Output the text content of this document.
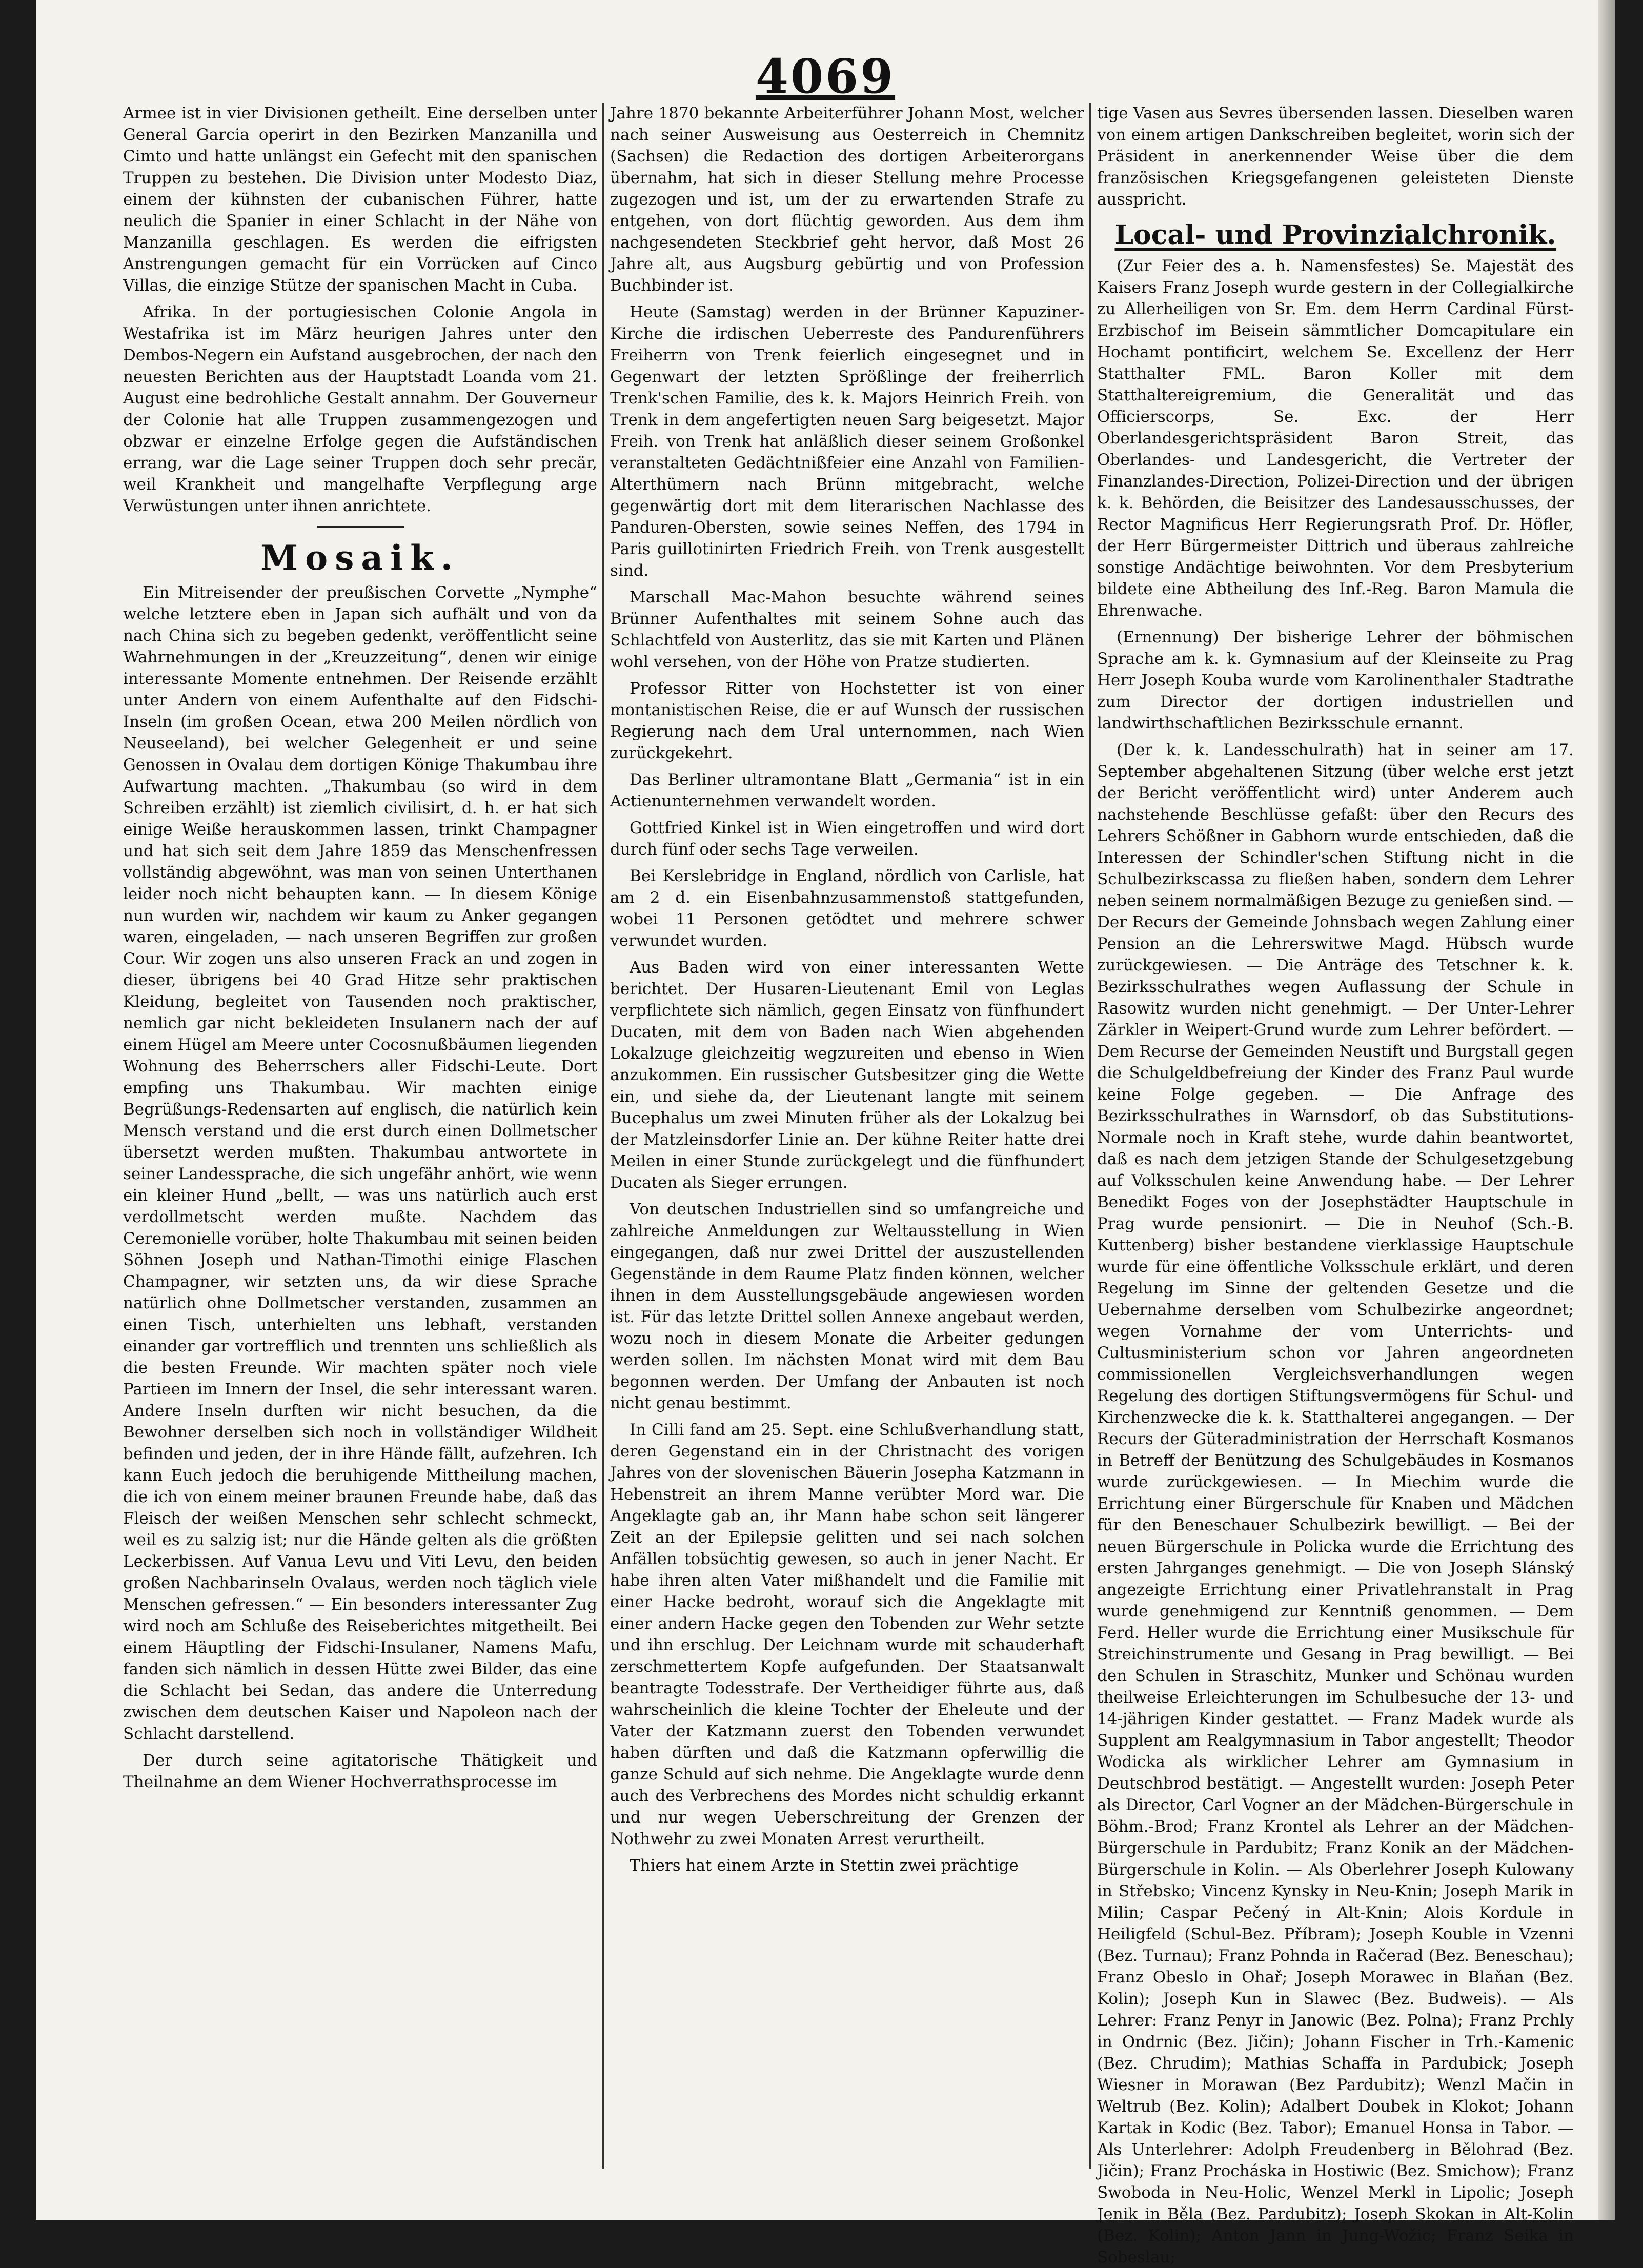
4069

Armee ist in vier Divisionen getheilt. Eine derselben unter General Garcia operirt in den Bezirken Manzanilla und Cimto und hatte unlängst ein Gefecht mit den spanischen Truppen zu bestehen. Die Division unter Modesto Diaz, einem der kühnsten der cubanischen Führer, hatte neulich die Spanier in einer Schlacht in der Nähe von Manzanilla geschlagen. Es werden die eifrigsten Anstrengungen gemacht für ein Vorrücken auf Cinco Villas, die einzige Stütze der spanischen Macht in Cuba.

Afrika. In der portugiesischen Colonie Angola in Westafrika ist im März heurigen Jahres unter den Dembos-Negern ein Aufstand ausgebrochen, der nach den neuesten Berichten aus der Hauptstadt Loanda vom 21. August eine bedrohliche Gestalt annahm. Der Gouverneur der Colonie hat alle Truppen zusammengezogen und obzwar er einzelne Erfolge gegen die Aufständischen errang, war die Lage seiner Truppen doch sehr precär, weil Krankheit und mangelhafte Verpflegung arge Verwüstungen unter ihnen anrichtete.

Mosaik.

Ein Mitreisender der preußischen Corvette „Nymphe“ welche letztere eben in Japan sich aufhält und von da nach China sich zu begeben gedenkt, veröffentlicht seine Wahrnehmungen in der „Kreuzzeitung“, denen wir einige interessante Momente entnehmen. Der Reisende erzählt unter Andern von einem Aufenthalte auf den Fidschi-Inseln (im großen Ocean, etwa 200 Meilen nördlich von Neuseeland), bei welcher Gelegenheit er und seine Genossen in Ovalau dem dortigen Könige Thakumbau ihre Aufwartung machten. „Thakumbau (so wird in dem Schreiben erzählt) ist ziemlich civilisirt, d. h. er hat sich einige Weiße herauskommen lassen, trinkt Champagner und hat sich seit dem Jahre 1859 das Menschenfressen vollständig abgewöhnt, was man von seinen Unterthanen leider noch nicht behaupten kann. — In diesem Könige nun wurden wir, nachdem wir kaum zu Anker gegangen waren, eingeladen, — nach unseren Begriffen zur großen Cour. Wir zogen uns also unseren Frack an und zogen in dieser, übrigens bei 40 Grad Hitze sehr praktischen Kleidung, begleitet von Tausenden noch praktischer, nemlich gar nicht bekleideten Insulanern nach der auf einem Hügel am Meere unter Cocosnußbäumen liegenden Wohnung des Beherrschers aller Fidschi-Leute. Dort empfing uns Thakumbau. Wir machten einige Begrüßungs-Redensarten auf englisch, die natürlich kein Mensch verstand und die erst durch einen Dollmetscher übersetzt werden mußten. Thakumbau antwortete in seiner Landessprache, die sich ungefähr anhört, wie wenn ein kleiner Hund „bellt, — was uns natürlich auch erst verdollmetscht werden mußte. Nachdem das Ceremonielle vorüber, holte Thakumbau mit seinen beiden Söhnen Joseph und Nathan-Timothi einige Flaschen Champagner, wir setzten uns, da wir diese Sprache natürlich ohne Dollmetscher verstanden, zusammen an einen Tisch, unterhielten uns lebhaft, verstanden einander gar vortrefflich und trennten uns schließlich als die besten Freunde. Wir machten später noch viele Partieen im Innern der Insel, die sehr interessant waren. Andere Inseln durften wir nicht besuchen, da die Bewohner derselben sich noch in vollständiger Wildheit befinden und jeden, der in ihre Hände fällt, aufzehren. Ich kann Euch jedoch die beruhigende Mittheilung machen, die ich von einem meiner braunen Freunde habe, daß das Fleisch der weißen Menschen sehr schlecht schmeckt, weil es zu salzig ist; nur die Hände gelten als die größten Leckerbissen. Auf Vanua Levu und Viti Levu, den beiden großen Nachbarinseln Ovalaus, werden noch täglich viele Menschen gefressen.“ — Ein besonders interessanter Zug wird noch am Schluße des Reiseberichtes mitgetheilt. Bei einem Häuptling der Fidschi-Insulaner, Namens Mafu, fanden sich nämlich in dessen Hütte zwei Bilder, das eine die Schlacht bei Sedan, das andere die Unterredung zwischen dem deutschen Kaiser und Napoleon nach der Schlacht darstellend.

Der durch seine agitatorische Thätigkeit und Theilnahme an dem Wiener Hochverrathsprocesse im

Jahre 1870 bekannte Arbeiterführer Johann Most, welcher nach seiner Ausweisung aus Oesterreich in Chemnitz (Sachsen) die Redaction des dortigen Arbeiterorgans übernahm, hat sich in dieser Stellung mehre Processe zugezogen und ist, um der zu erwartenden Strafe zu entgehen, von dort flüchtig geworden. Aus dem ihm nachgesendeten Steckbrief geht hervor, daß Most 26 Jahre alt, aus Augsburg gebürtig und von Profession Buchbinder ist.

Heute (Samstag) werden in der Brünner Kapuziner-Kirche die irdischen Ueberreste des Pandurenführers Freiherrn von Trenk feierlich eingesegnet und in Gegenwart der letzten Sprößlinge der freiherrlich Trenk'schen Familie, des k. k. Majors Heinrich Freih. von Trenk in dem angefertigten neuen Sarg beigesetzt. Major Freih. von Trenk hat anläßlich dieser seinem Großonkel veranstalteten Gedächtnißfeier eine Anzahl von Familien-Alterthümern nach Brünn mitgebracht, welche gegenwärtig dort mit dem literarischen Nachlasse des Panduren-Obersten, sowie seines Neffen, des 1794 in Paris guillotinirten Friedrich Freih. von Trenk ausgestellt sind.

Marschall Mac-Mahon besuchte während seines Brünner Aufenthaltes mit seinem Sohne auch das Schlachtfeld von Austerlitz, das sie mit Karten und Plänen wohl versehen, von der Höhe von Pratze studierten.

Professor Ritter von Hochstetter ist von einer montanistischen Reise, die er auf Wunsch der russischen Regierung nach dem Ural unternommen, nach Wien zurückgekehrt.

Das Berliner ultramontane Blatt „Germania“ ist in ein Actienunternehmen verwandelt worden.

Gottfried Kinkel ist in Wien eingetroffen und wird dort durch fünf oder sechs Tage verweilen.

Bei Kerslebridge in England, nördlich von Carlisle, hat am 2 d. ein Eisenbahnzusammenstoß stattgefunden, wobei 11 Personen getödtet und mehrere schwer verwundet wurden.

Aus Baden wird von einer interessanten Wette berichtet. Der Husaren-Lieutenant Emil von Leglas verpflichtete sich nämlich, gegen Einsatz von fünfhundert Ducaten, mit dem von Baden nach Wien abgehenden Lokalzuge gleichzeitig wegzureiten und ebenso in Wien anzukommen. Ein russischer Gutsbesitzer ging die Wette ein, und siehe da, der Lieutenant langte mit seinem Bucephalus um zwei Minuten früher als der Lokalzug bei der Matzleinsdorfer Linie an. Der kühne Reiter hatte drei Meilen in einer Stunde zurückgelegt und die fünfhundert Ducaten als Sieger errungen.

Von deutschen Industriellen sind so umfangreiche und zahlreiche Anmeldungen zur Weltausstellung in Wien eingegangen, daß nur zwei Drittel der auszustellenden Gegenstände in dem Raume Platz finden können, welcher ihnen in dem Ausstellungsgebäude angewiesen worden ist. Für das letzte Drittel sollen Annexe angebaut werden, wozu noch in diesem Monate die Arbeiter gedungen werden sollen. Im nächsten Monat wird mit dem Bau begonnen werden. Der Umfang der Anbauten ist noch nicht genau bestimmt.

In Cilli fand am 25. Sept. eine Schlußverhandlung statt, deren Gegenstand ein in der Christnacht des vorigen Jahres von der slovenischen Bäuerin Josepha Katzmann in Hebenstreit an ihrem Manne verübter Mord war. Die Angeklagte gab an, ihr Mann habe schon seit längerer Zeit an der Epilepsie gelitten und sei nach solchen Anfällen tobsüchtig gewesen, so auch in jener Nacht. Er habe ihren alten Vater mißhandelt und die Familie mit einer Hacke bedroht, worauf sich die Angeklagte mit einer andern Hacke gegen den Tobenden zur Wehr setzte und ihn erschlug. Der Leichnam wurde mit schauderhaft zerschmettertem Kopfe aufgefunden. Der Staatsanwalt beantragte Todesstrafe. Der Vertheidiger führte aus, daß wahrscheinlich die kleine Tochter der Eheleute und der Vater der Katzmann zuerst den Tobenden verwundet haben dürften und daß die Katzmann opferwillig die ganze Schuld auf sich nehme. Die Angeklagte wurde denn auch des Verbrechens des Mordes nicht schuldig erkannt und nur wegen Ueberschreitung der Grenzen der Nothwehr zu zwei Monaten Arrest verurtheilt.

Thiers hat einem Arzte in Stettin zwei prächtige

tige Vasen aus Sevres übersenden lassen. Dieselben waren von einem artigen Dankschreiben begleitet, worin sich der Präsident in anerkennender Weise über die dem französischen Kriegsgefangenen geleisteten Dienste ausspricht.

Local- und Provinzialchronik.

(Zur Feier des a. h. Namensfestes) Se. Majestät des Kaisers Franz Joseph wurde gestern in der Collegialkirche zu Allerheiligen von Sr. Em. dem Herrn Cardinal Fürst-Erzbischof im Beisein sämmtlicher Domcapitulare ein Hochamt pontificirt, welchem Se. Excellenz der Herr Statthalter FML. Baron Koller mit dem Statthaltereigremium, die Generalität und das Officierscorps, Se. Exc. der Herr Oberlandesgerichtspräsident Baron Streit, das Oberlandes- und Landesgericht, die Vertreter der Finanzlandes-Direction, Polizei-Direction und der übrigen k. k. Behörden, die Beisitzer des Landesausschusses, der Rector Magnificus Herr Regierungsrath Prof. Dr. Höfler, der Herr Bürgermeister Dittrich und überaus zahlreiche sonstige Andächtige beiwohnten. Vor dem Presbyterium bildete eine Abtheilung des Inf.-Reg. Baron Mamula die Ehrenwache.

(Ernennung) Der bisherige Lehrer der böhmischen Sprache am k. k. Gymnasium auf der Kleinseite zu Prag Herr Joseph Kouba wurde vom Karolinenthaler Stadtrathe zum Director der dortigen industriellen und landwirthschaftlichen Bezirksschule ernannt.

(Der k. k. Landesschulrath) hat in seiner am 17. September abgehaltenen Sitzung (über welche erst jetzt der Bericht veröffentlicht wird) unter Anderem auch nachstehende Beschlüsse gefaßt: über den Recurs des Lehrers Schößner in Gabhorn wurde entschieden, daß die Interessen der Schindler'schen Stiftung nicht in die Schulbezirkscassa zu fließen haben, sondern dem Lehrer neben seinem normalmäßigen Bezuge zu genießen sind. — Der Recurs der Gemeinde Johnsbach wegen Zahlung einer Pension an die Lehrerswitwe Magd. Hübsch wurde zurückgewiesen. — Die Anträge des Tetschner k. k. Bezirksschulrathes wegen Auflassung der Schule in Rasowitz wurden nicht genehmigt. — Der Unter-Lehrer Zärkler in Weipert-Grund wurde zum Lehrer befördert. — Dem Recurse der Gemeinden Neustift und Burgstall gegen die Schulgeldbefreiung der Kinder des Franz Paul wurde keine Folge gegeben. — Die Anfrage des Bezirksschulrathes in Warnsdorf, ob das Substitutions-Normale noch in Kraft stehe, wurde dahin beantwortet, daß es nach dem jetzigen Stande der Schulgesetzgebung auf Volksschulen keine Anwendung habe. — Der Lehrer Benedikt Foges von der Josephstädter Hauptschule in Prag wurde pensionirt. — Die in Neuhof (Sch.-B. Kuttenberg) bisher bestandene vierklassige Hauptschule wurde für eine öffentliche Volksschule erklärt, und deren Regelung im Sinne der geltenden Gesetze und die Uebernahme derselben vom Schulbezirke angeordnet; wegen Vornahme der vom Unterrichts- und Cultusministerium schon vor Jahren angeordneten commissionellen Vergleichsverhandlungen wegen Regelung des dortigen Stiftungsvermögens für Schul- und Kirchenzwecke die k. k. Statthalterei angegangen. — Der Recurs der Güteradministration der Herrschaft Kosmanos in Betreff der Benützung des Schulgebäudes in Kosmanos wurde zurückgewiesen. — In Miechim wurde die Errichtung einer Bürgerschule für Knaben und Mädchen für den Beneschauer Schulbezirk bewilligt. — Bei der neuen Bürgerschule in Policka wurde die Errichtung des ersten Jahrganges genehmigt. — Die von Joseph Slánský angezeigte Errichtung einer Privatlehranstalt in Prag wurde genehmigend zur Kenntniß genommen. — Dem Ferd. Heller wurde die Errichtung einer Musikschule für Streichinstrumente und Gesang in Prag bewilligt. — Bei den Schulen in Straschitz, Munker und Schönau wurden theilweise Erleichterungen im Schulbesuche der 13- und 14-jährigen Kinder gestattet. — Franz Madek wurde als Supplent am Realgymnasium in Tabor angestellt; Theodor Wodicka als wirklicher Lehrer am Gymnasium in Deutschbrod bestätigt. — Angestellt wurden: Joseph Peter als Director, Carl Vogner an der Mädchen-Bürgerschule in Böhm.-Brod; Franz Krontel als Lehrer an der Mädchen-Bürgerschule in Pardubitz; Franz Konik an der Mädchen-Bürgerschule in Kolin. — Als Oberlehrer Joseph Kulowany in Střebsko; Vincenz Kynsky in Neu-Knin; Joseph Marik in Milin; Caspar Pečený in Alt-Knin; Alois Kordule in Heiligfeld (Schul-Bez. Příbram); Joseph Kouble in Vzenni (Bez. Turnau); Franz Pohnda in Račerad (Bez. Beneschau); Franz Obeslo in Ohař; Joseph Morawec in Blaňan (Bez. Kolin); Joseph Kun in Slawec (Bez. Budweis). — Als Lehrer: Franz Penyr in Janowic (Bez. Polna); Franz Prchly in Ondrnic (Bez. Jičin); Johann Fischer in Trh.-Kamenic (Bez. Chrudim); Mathias Schaffa in Pardubick; Joseph Wiesner in Morawan (Bez Pardubitz); Wenzl Mačin in Weltrub (Bez. Kolin); Adalbert Doubek in Klokot; Johann Kartak in Kodic (Bez. Tabor); Emanuel Honsa in Tabor. — Als Unterlehrer: Adolph Freudenberg in Bělohrad (Bez. Jičin); Franz Procháska in Hostiwic (Bez. Smichow); Franz Swoboda in Neu-Holic, Wenzel Merkl in Lipolic; Joseph Jenik in Běla (Bez. Pardubitz); Joseph Skokan in Alt-Kolin (Bez. Kolin); Anton Jann in Jung-Wožic; Franz Seika in Sobeslau;
